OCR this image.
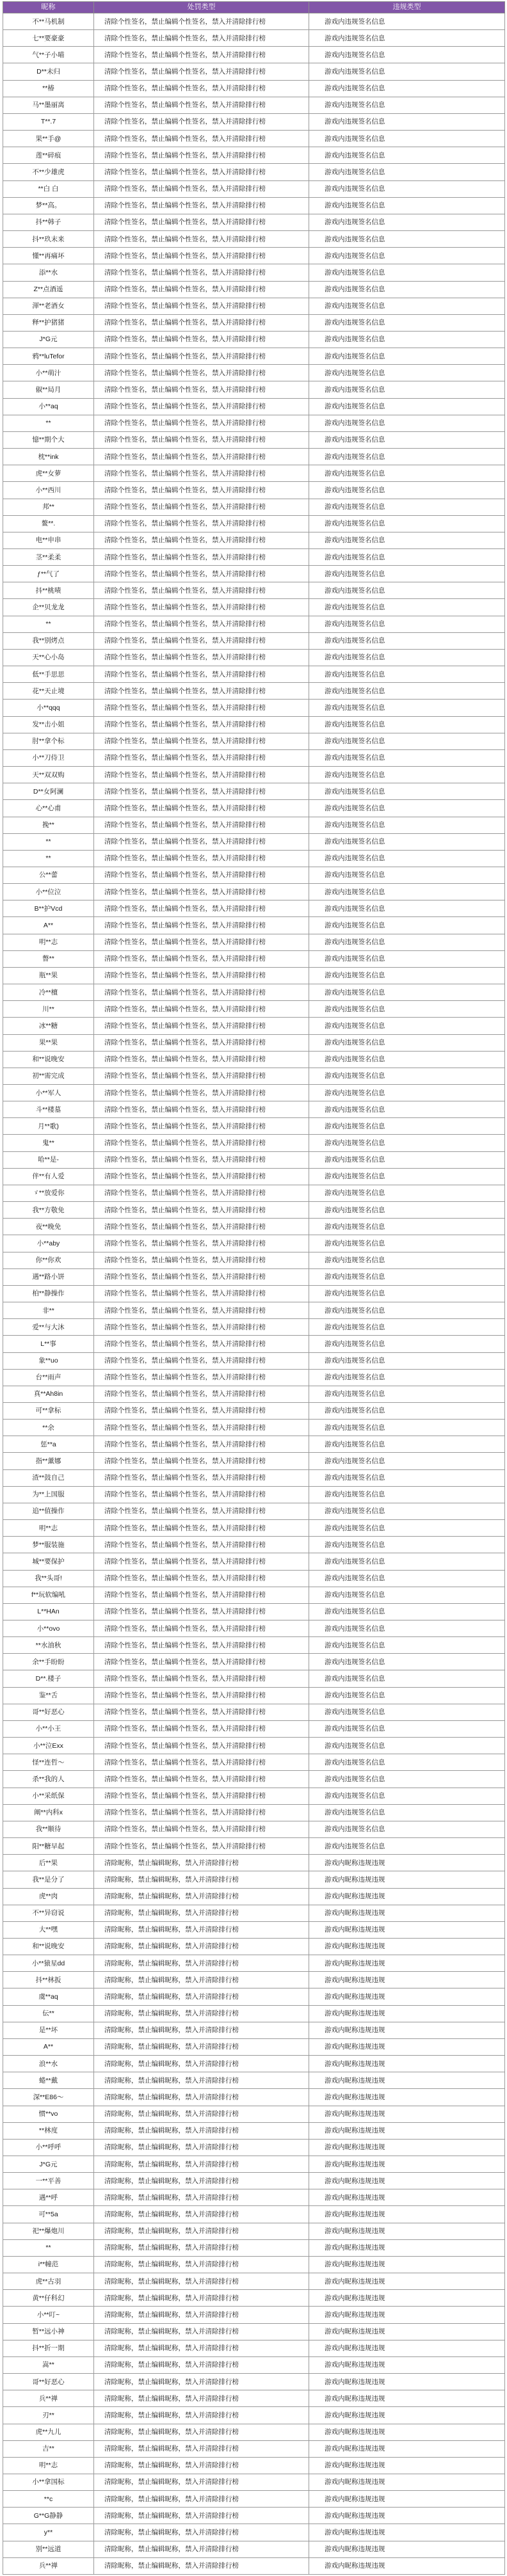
昵称	处罚类型	违规类型
不**马机制	清除个性签名，禁止编辑个性签名，禁入并清除排行榜	游戏内违规签名信息
七**要豪豪	清除个性签名，禁止编辑个性签名，禁入并清除排行榜	游戏内违规签名信息
气**子小喵	清除个性签名，禁止编辑个性签名，禁入并清除排行榜	游戏内违规签名信息
D**未归	清除个性签名，禁止编辑个性签名，禁入并清除排行榜	游戏内违规签名信息
**椿	清除个性签名，禁止编辑个性签名，禁入并清除排行榜	游戏内违规签名信息
马**墨丽离	清除个性签名，禁止编辑个性签名，禁入并清除排行榜	游戏内违规签名信息
T**.7	清除个性签名，禁止编辑个性签名，禁入并清除排行榜	游戏内违规签名信息
果**手@	清除个性签名，禁止编辑个性签名，禁入并清除排行榜	游戏内违规签名信息
莲**碎痕	清除个性签名，禁止编辑个性签名，禁入并清除排行榜	游戏内违规签名信息
不**少雄虎	清除个性签名，禁止编辑个性签名，禁入并清除排行榜	游戏内违规签名信息
**白 白	清除个性签名，禁止编辑个性签名，禁入并清除排行榜	游戏内违规签名信息
梦**高。	清除个性签名，禁止编辑个性签名，禁入并清除排行榜	游戏内违规签名信息
抖**韩子	清除个性签名，禁止编辑个性签名，禁入并清除排行榜	游戏内违规签名信息
抖**玖末来	清除个性签名，禁止编辑个性签名，禁入并清除排行榜	游戏内违规签名信息
懂**再痛坏	清除个性签名，禁止编辑个性签名，禁入并清除排行榜	游戏内违规签名信息
添**水	清除个性签名，禁止编辑个性签名，禁入并清除排行榜	游戏内违规签名信息
Z**点酒遥	清除个性签名，禁止编辑个性签名，禁入并清除排行榜	游戏内违规签名信息
渾**老酒女	清除个性签名，禁止编辑个性签名，禁入并清除排行榜	游戏内违规签名信息
释**护猪猪	清除个性签名，禁止编辑个性签名，禁入并清除排行榜	游戏内违规签名信息
J*G元	清除个性签名，禁止编辑个性签名，禁入并清除排行榜	游戏内违规签名信息
鸦**luTefor	清除个性签名，禁止编辑个性签名，禁入并清除排行榜	游戏内违规签名信息
小**萌汁	清除个性签名，禁止编辑个性签名，禁入并清除排行榜	游戏内违规签名信息
俶**局月	清除个性签名，禁止编辑个性签名，禁入并清除排行榜	游戏内违规签名信息
小**aq	清除个性签名，禁止编辑个性签名，禁入并清除排行榜	游戏内违规签名信息
**	清除个性签名，禁止编辑个性签名，禁入并清除排行榜	游戏内违规签名信息
憶**期个大	清除个性签名，禁止编辑个性签名，禁入并清除排行榜	游戏内违规签名信息
枕**ink	清除个性签名，禁止编辑个性签名，禁入并清除排行榜	游戏内违规签名信息
虎**女萝	清除个性签名，禁止编辑个性签名，禁入并清除排行榜	游戏内违规签名信息
小**西川	清除个性签名，禁止编辑个性签名，禁入并清除排行榜	游戏内违规签名信息
邦**	清除个性签名，禁止编辑个性签名，禁入并清除排行榜	游戏内违规签名信息
鳌**.	清除个性签名，禁止编辑个性签名，禁入并清除排行榜	游戏内违规签名信息
电**申串	清除个性签名，禁止编辑个性签名，禁入并清除排行榜	游戏内违规签名信息
茎**柔柔	清除个性签名，禁止编辑个性签名，禁入并清除排行榜	游戏内违规签名信息
ƒ**气了	清除个性签名，禁止编辑个性签名，禁入并清除排行榜	游戏内违规签名信息
抖**桃啧	清除个性签名，禁止编辑个性签名，禁入并清除排行榜	游戏内违规签名信息
企**贝龙龙	清除个性签名，禁止编辑个性签名，禁入并清除排行榜	游戏内违规签名信息
**	清除个性签名，禁止编辑个性签名，禁入并清除排行榜	游戏内违规签名信息
我**别烤点	清除个性签名，禁止编辑个性签名，禁入并清除排行榜	游戏内违规签名信息
天**心小岛	清除个性签名，禁止编辑个性签名，禁入并清除排行榜	游戏内违规签名信息
低**手思思	清除个性签名，禁止编辑个性签名，禁入并清除排行榜	游戏内违规签名信息
花**天止境	清除个性签名，禁止编辑个性签名，禁入并清除排行榜	游戏内违规签名信息
小**qqq	清除个性签名，禁止编辑个性签名，禁入并清除排行榜	游戏内违规签名信息
发**击小姐	清除个性签名，禁止编辑个性签名，禁入并清除排行榜	游戏内违规签名信息
肘**拿个标	清除个性签名，禁止编辑个性签名，禁入并清除排行榜	游戏内违规签名信息
小**刀侍卫	清除个性签名，禁止编辑个性签名，禁入并清除排行榜	游戏内违规签名信息
天**双双购	清除个性签名，禁止编辑个性签名，禁入并清除排行榜	游戏内违规签名信息
D**女阿澜	清除个性签名，禁止编辑个性签名，禁入并清除排行榜	游戏内违规签名信息
心**心甫	清除个性签名，禁止编辑个性签名，禁入并清除排行榜	游戏内违规签名信息
挽**	清除个性签名，禁止编辑个性签名，禁入并清除排行榜	游戏内违规签名信息
**	清除个性签名，禁止编辑个性签名，禁入并清除排行榜	游戏内违规签名信息
**	清除个性签名，禁止编辑个性签名，禁入并清除排行榜	游戏内违规签名信息
公**蕾	清除个性签名，禁止编辑个性签名，禁入并清除排行榜	游戏内违规签名信息
小**位泣	清除个性签名，禁止编辑个性签名，禁入并清除排行榜	游戏内违规签名信息
B**护Vcd	清除个性签名，禁止编辑个性签名，禁入并清除排行榜	游戏内违规签名信息
A**	清除个性签名，禁止编辑个性签名，禁入并清除排行榜	游戏内违规签名信息
明**志	清除个性签名，禁止编辑个性签名，禁入并清除排行榜	游戏内违规签名信息
瞥**	清除个性签名，禁止编辑个性签名，禁入并清除排行榜	游戏内违规签名信息
瓶**果	清除个性签名，禁止编辑个性签名，禁入并清除排行榜	游戏内违规签名信息
冷**檀	清除个性签名，禁止编辑个性签名，禁入并清除排行榜	游戏内违规签名信息
川**	清除个性签名，禁止编辑个性签名，禁入并清除排行榜	游戏内违规签名信息
冰**糖	清除个性签名，禁止编辑个性签名，禁入并清除排行榜	游戏内违规签名信息
果**果	清除个性签名，禁止编辑个性签名，禁入并清除排行榜	游戏内违规签名信息
和**说晚安	清除个性签名，禁止编辑个性签名，禁入并清除排行榜	游戏内违规签名信息
初**需完成	清除个性签名，禁止编辑个性签名，禁入并清除排行榜	游戏内违规签名信息
小**军人	清除个性签名，禁止编辑个性签名，禁入并清除排行榜	游戏内违规签名信息
斗**楼墓	清除个性签名，禁止编辑个性签名，禁入并清除排行榜	游戏内违规签名信息
月**歌)	清除个性签名，禁止编辑个性签名，禁入并清除排行榜	游戏内违规签名信息
鬼**	清除个性签名，禁止编辑个性签名，禁入并清除排行榜	游戏内违规签名信息
哈**是-	清除个性签名，禁止编辑个性签名，禁入并清除排行榜	游戏内违规签名信息
伴**有人爱	清除个性签名，禁止编辑个性签名，禁入并清除排行榜	游戏内违规签名信息
ゞ**放爱你	清除个性签名，禁止编辑个性签名，禁入并清除排行榜	游戏内违规签名信息
我**方敬免	清除个性签名，禁止编辑个性签名，禁入并清除排行榜	游戏内违规签名信息
夜**晚免	清除个性签名，禁止编辑个性签名，禁入并清除排行榜	游戏内违规签名信息
小**aby	清除个性签名，禁止编辑个性签名，禁入并清除排行榜	游戏内违规签名信息
你**你欢	清除个性签名，禁止编辑个性签名，禁入并清除排行榜	游戏内违规签名信息
遇**路小饼	清除个性签名，禁止编辑个性签名，禁入并清除排行榜	游戏内违规签名信息
柏**静操作	清除个性签名，禁止编辑个性签名，禁入并清除排行榜	游戏内违规签名信息
非**	清除个性签名，禁止编辑个性签名，禁入并清除排行榜	游戏内违规签名信息
爱**与大沐	清除个性签名，禁止编辑个性签名，禁入并清除排行榜	游戏内违规签名信息
L**事	清除个性签名，禁止编辑个性签名，禁入并清除排行榜	游戏内违规签名信息
象**uo	清除个性签名，禁止编辑个性签名，禁入并清除排行榜	游戏内违规签名信息
台**雨声	清除个性签名，禁止编辑个性签名，禁入并清除排行榜	游戏内违规签名信息
真**Ah8in	清除个性签名，禁止编辑个性签名，禁入并清除排行榜	游戏内违规签名信息
可**拿标	清除个性签名，禁止编辑个性签名，禁入并清除排行榜	游戏内违规签名信息
**余	清除个性签名，禁止编辑个性签名，禁入并清除排行榜	游戏内违规签名信息
惩**a	清除个性签名，禁止编辑个性签名，禁入并清除排行榜	游戏内违规签名信息
指**薰娜	清除个性签名，禁止编辑个性签名，禁入并清除排行榜	游戏内违规签名信息
渣**鼓自己	清除个性签名，禁止编辑个性签名，禁入并清除排行榜	游戏内违规签名信息
为**上国服	清除个性签名，禁止编辑个性签名，禁入并清除排行榜	游戏内违规签名信息
追**值操作	清除个性签名，禁止编辑个性签名，禁入并清除排行榜	游戏内违规签名信息
明**志	清除个性签名，禁止编辑个性签名，禁入并清除排行榜	游戏内违规签名信息
梦**服装施	清除个性签名，禁止编辑个性签名，禁入并清除排行榜	游戏内违规签名信息
城**要保护	清除个性签名，禁止编辑个性签名，禁入并清除排行榜	游戏内违规签名信息
我**头哥!	清除个性签名，禁止编辑个性签名，禁入并清除排行榜	游戏内违规签名信息
f**玩软编吼	清除个性签名，禁止编辑个性签名，禁入并清除排行榜	游戏内违规签名信息
L**HAn	清除个性签名，禁止编辑个性签名，禁入并清除排行榜	游戏内违规签名信息
小**ovo	清除个性签名，禁止编辑个性签名，禁入并清除排行榜	游戏内违规签名信息
**水油秋	清除个性签名，禁止编辑个性签名，禁入并清除排行榜	游戏内违规签名信息
余**手盼盼	清除个性签名，禁止编辑个性签名，禁入并清除排行榜	游戏内违规签名信息
D**.楼子	清除个性签名，禁止编辑个性签名，禁入并清除排行榜	游戏内违规签名信息
鉴**舌	清除个性签名，禁止编辑个性签名，禁入并清除排行榜	游戏内违规签名信息
哥**好恶心	清除个性签名，禁止编辑个性签名，禁入并清除排行榜	游戏内违规签名信息
小**小王	清除个性签名，禁止编辑个性签名，禁入并清除排行榜	游戏内违规签名信息
小**泣Exx	清除个性签名，禁止编辑个性签名，禁入并清除排行榜	游戏内违规签名信息
怪**连哲～	清除个性签名，禁止编辑个性签名，禁入并清除排行榜	游戏内违规签名信息
杀**我的人	清除个性签名，禁止编辑个性签名，禁入并清除排行榜	游戏内违规签名信息
小**采纸保	清除个性签名，禁止编辑个性签名，禁入并清除排行榜	游戏内违规签名信息
阐**内科x	清除个性签名，禁止编辑个性签名，禁入并清除排行榜	游戏内违规签名信息
我**顺待	清除个性签名，禁止编辑个性签名，禁入并清除排行榜	游戏内违规签名信息
阳**糖早起	清除个性签名，禁止编辑个性签名，禁入并清除排行榜	游戏内违规签名信息
后**果	清除昵称，禁止编辑昵称，禁入并清除排行榜	游戏内昵称违规违规
我**是分了	清除昵称，禁止编辑昵称，禁入并清除排行榜	游戏内昵称违规违规
虎**肉	清除昵称，禁止编辑昵称，禁入并清除排行榜	游戏内昵称违规违规
不**异窃说	清除昵称，禁止编辑昵称，禁入并清除排行榜	游戏内昵称违规违规
大**嘿	清除昵称，禁止编辑昵称，禁入并清除排行榜	游戏内昵称违规违规
和**说晚安	清除昵称，禁止编辑昵称，禁入并清除排行榜	游戏内昵称违规违规
小**猿星dd	清除昵称，禁止编辑昵称，禁入并清除排行榜	游戏内昵称违规违规
抖**林扳	清除昵称，禁止编辑昵称，禁入并清除排行榜	游戏内昵称违规违规
虞**aq	清除昵称，禁止编辑昵称，禁入并清除排行榜	游戏内昵称违规违规
伝**	清除昵称，禁止编辑昵称，禁入并清除排行榜	游戏内昵称违规违规
是**坏	清除昵称，禁止编辑昵称，禁入并清除排行榜	游戏内昵称违规违规
A**	清除昵称，禁止编辑昵称，禁入并清除排行榜	游戏内昵称违规违规
浪**水	清除昵称，禁止编辑昵称，禁入并清除排行榜	游戏内昵称违规违规
蜷**戴	清除昵称，禁止编辑昵称，禁入并清除排行榜	游戏内昵称违规违规
深**E86～	清除昵称，禁止编辑昵称，禁入并清除排行榜	游戏内昵称违规违规
惯**vo	清除昵称，禁止编辑昵称，禁入并清除排行榜	游戏内昵称违规违规
**林度	清除昵称，禁止编辑昵称，禁入并清除排行榜	游戏内昵称违规违规
小**呼呼	清除昵称，禁止编辑昵称，禁入并清除排行榜	游戏内昵称违规违规
J*G元	清除昵称，禁止编辑昵称，禁入并清除排行榜	游戏内昵称违规违规
一**平善	清除昵称，禁止编辑昵称，禁入并清除排行榜	游戏内昵称违规违规
遇**呼	清除昵称，禁止编辑昵称，禁入并清除排行榜	游戏内昵称违规违规
可**5a	清除昵称，禁止编辑昵称，禁入并清除排行榜	游戏内昵称违规违规
祀**爆炮川	清除昵称，禁止编辑昵称，禁入并清除排行榜	游戏内昵称违规违规
**	清除昵称，禁止编辑昵称，禁入并清除排行榜	游戏内昵称违规违规
i**幢范	清除昵称，禁止编辑昵称，禁入并清除排行榜	游戏内昵称违规违规
虎**古羽	清除昵称，禁止编辑昵称，禁入并清除排行榜	游戏内昵称违规违规
黄**仔科幻	清除昵称，禁止编辑昵称，禁入并清除排行榜	游戏内昵称违规违规
小**叮~	清除昵称，禁止编辑昵称，禁入并清除排行榜	游戏内昵称违规违规
暂**远小神	清除昵称，禁止编辑昵称，禁入并清除排行榜	游戏内昵称违规违规
抖**折一期	清除昵称，禁止编辑昵称，禁入并清除排行榜	游戏内昵称违规违规
嵩**	清除昵称，禁止编辑昵称，禁入并清除排行榜	游戏内昵称违规违规
哥**好恶心	清除昵称，禁止编辑昵称，禁入并清除排行榜	游戏内昵称违规违规
兵**禅	清除昵称，禁止编辑昵称，禁入并清除排行榜	游戏内昵称违规违规
刃**	清除昵称，禁止编辑昵称，禁入并清除排行榜	游戏内昵称违规违规
虎**九儿	清除昵称，禁止编辑昵称，禁入并清除排行榜	游戏内昵称违规违规
吉**	清除昵称，禁止编辑昵称，禁入并清除排行榜	游戏内昵称违规违规
明**志	清除昵称，禁止编辑昵称，禁入并清除排行榜	游戏内昵称违规违规
小**拿国标	清除昵称，禁止编辑昵称，禁入并清除排行榜	游戏内昵称违规违规
**c	清除昵称，禁止编辑昵称，禁入并清除排行榜	游戏内昵称违规违规
G**G静静	清除昵称，禁止编辑昵称，禁入并清除排行榜	游戏内昵称违规违规
y**	清除昵称，禁止编辑昵称，禁入并清除排行榜	游戏内昵称违规违规
别**远道	清除昵称，禁止编辑昵称，禁入并清除排行榜	游戏内昵称违规违规
兵**禅	清除昵称，禁止编辑昵称，禁入并清除排行榜	游戏内昵称违规违规
